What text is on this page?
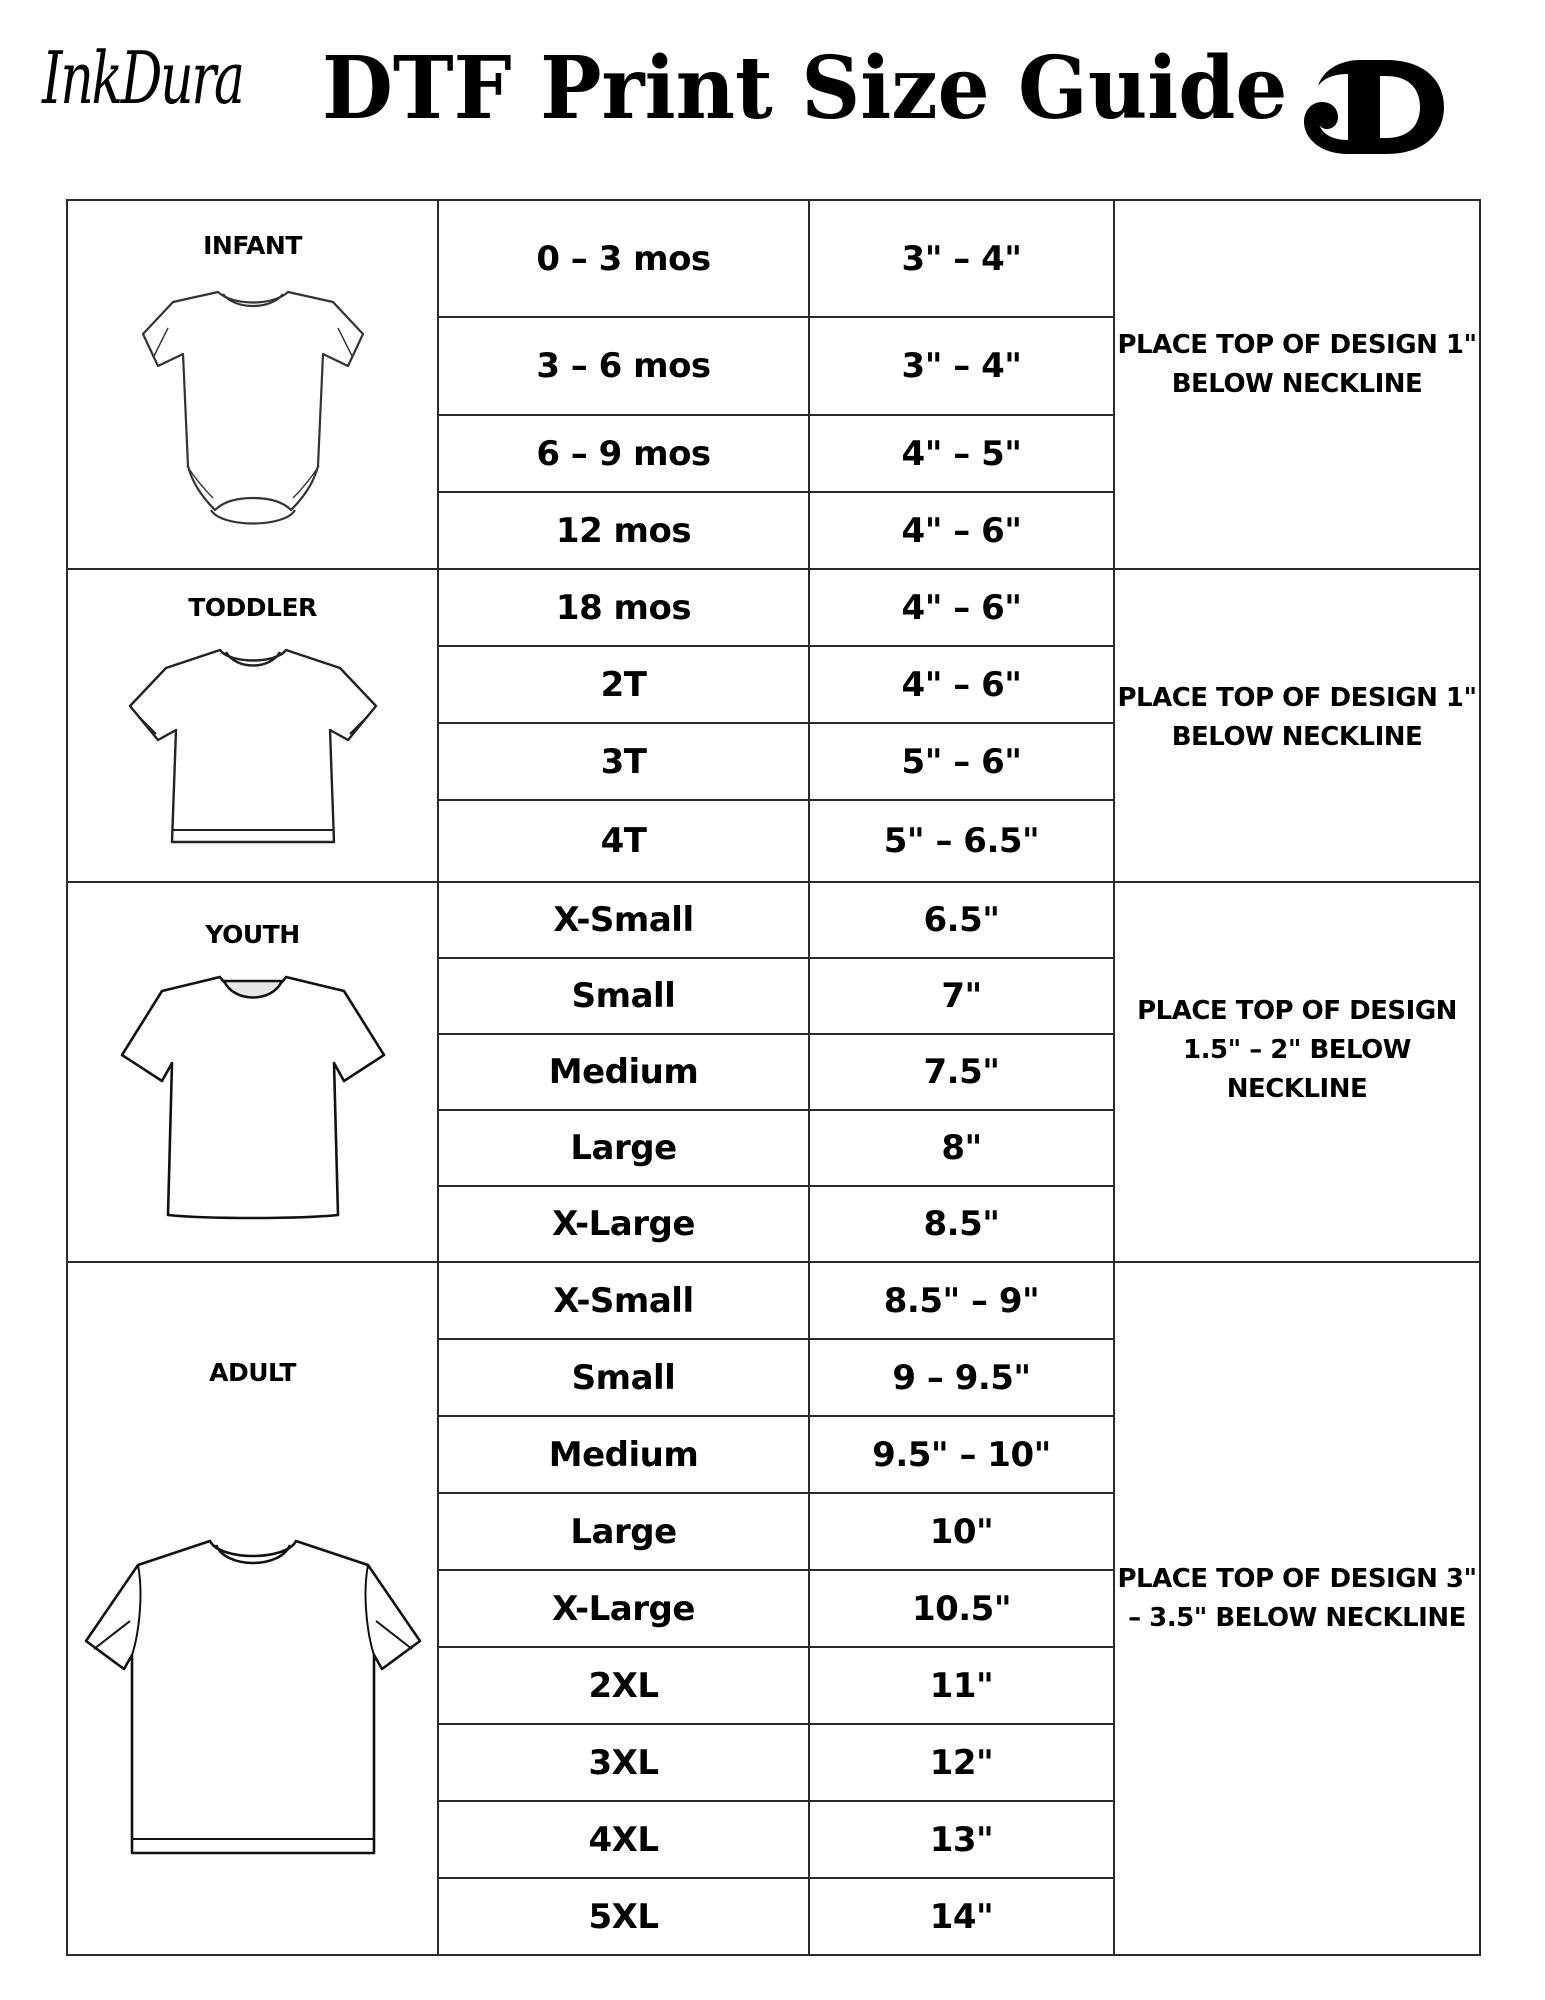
InkDura DTF Print Size Guide
INFANT	0 – 3 mos	3" – 4"	PLACE TOP OF DESIGN 1" BELOW NECKLINE

	3 – 6 mos	3" – 4"	
	6 – 9 mos	4" – 5"	
	12 mos	4" – 6"	

TODDLER	18 mos	4" – 6"	PLACE TOP OF DESIGN 1" BELOW NECKLINE

	2T	4" – 6"	
	3T	5" – 6"	
	4T	5" – 6.5"	

YOUTH	X-Small	6.5"	PLACE TOP OF DESIGN 1.5" – 2" BELOW NECKLINE

	Small	7"	
	Medium	7.5"	
	Large	8"	
	X-Large	8.5"	

ADULT	X-Small	8.5" – 9"	PLACE TOP OF DESIGN 3" – 3.5" BELOW NECKLINE

	Small	9 – 9.5"	
	Medium	9.5" – 10"	
	Large	10"	
	X-Large	10.5"	
	2XL	11"	
	3XL	12"	
	4XL	13"	
	5XL	14"	
